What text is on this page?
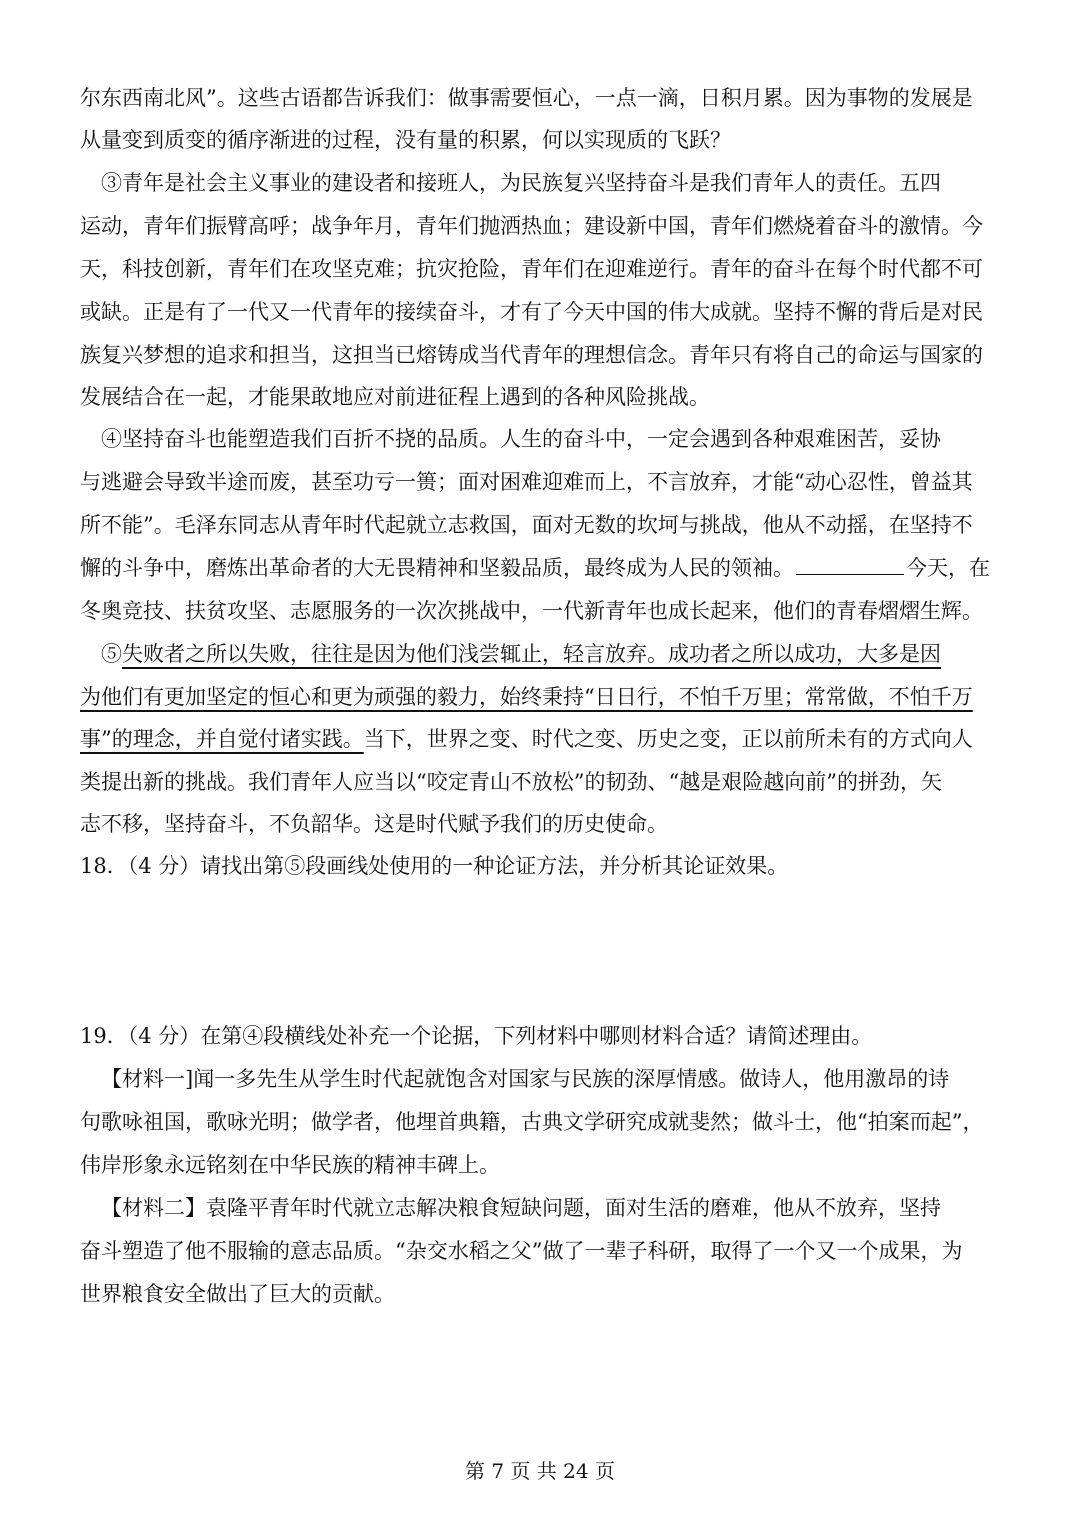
尔东西南北风”。这些古语都告诉我们：做事需要恒心，一点一滴，日积月累。因为事物的发展是
从量变到质变的循序渐进的过程，没有量的积累，何以实现质的飞跃？
③青年是社会主义事业的建设者和接班人，为民族复兴坚持奋斗是我们青年人的责任。五四
运动，青年们振臂高呼；战争年月，青年们抛洒热血；建设新中国，青年们燃烧着奋斗的激情。今
天，科技创新，青年们在攻坚克难；抗灾抢险，青年们在迎难逆行。青年的奋斗在每个时代都不可
或缺。正是有了一代又一代青年的接续奋斗，才有了今天中国的伟大成就。坚持不懈的背后是对民
族复兴梦想的追求和担当，这担当已熔铸成当代青年的理想信念。青年只有将自己的命运与国家的
发展结合在一起，才能果敢地应对前进征程上遇到的各种风险挑战。
④坚持奋斗也能塑造我们百折不挠的品质。人生的奋斗中，一定会遇到各种艰难困苦，妥协
与逃避会导致半途而废，甚至功亏一篑；面对困难迎难而上，不言放弃，才能“动心忍性，曾益其
所不能”。毛泽东同志从青年时代起就立志救国，面对无数的坎坷与挑战，他从不动摇，在坚持不
懈的斗争中，磨炼出革命者的大无畏精神和坚毅品质，最终成为人民的领袖。	今天，在
冬奥竞技、扶贫攻坚、志愿服务的一次次挑战中，一代新青年也成长起来，他们的青春熠熠生辉。
⑤失败者之所以失败，往往是因为他们浅尝辄止，轻言放弃。成功者之所以成功，大多是因
为他们有更加坚定的恒心和更为顽强的毅力，始终秉持“日日行，不怕千万里；常常做，不怕千万
事”的理念，并自觉付诸实践。当下，世界之变、时代之变、历史之变，正以前所未有的方式向人
类提出新的挑战。我们青年人应当以“咬定青山不放松”的韧劲、“越是艰险越向前”的拼劲，矢
志不移，坚持奋斗，不负韶华。这是时代赋予我们的历史使命。
18．（4 分）请找出第⑤段画线处使用的一种论证方法，并分析其论证效果。
19．（4 分）在第④段横线处补充一个论据，下列材料中哪则材料合适？请简述理由。
【材料一]闻一多先生从学生时代起就饱含对国家与民族的深厚情感。做诗人，他用激昂的诗
句歌咏祖国，歌咏光明；做学者，他埋首典籍，古典文学研究成就斐然；做斗士，他“拍案而起”，
伟岸形象永远铭刻在中华民族的精神丰碑上。
【材料二】袁隆平青年时代就立志解决粮食短缺问题，面对生活的磨难，他从不放弃，坚持
奋斗塑造了他不服输的意志品质。“杂交水稻之父”做了一辈子科研，取得了一个又一个成果，为
世界粮食安全做出了巨大的贡献。
第 7 页 共 24 页
